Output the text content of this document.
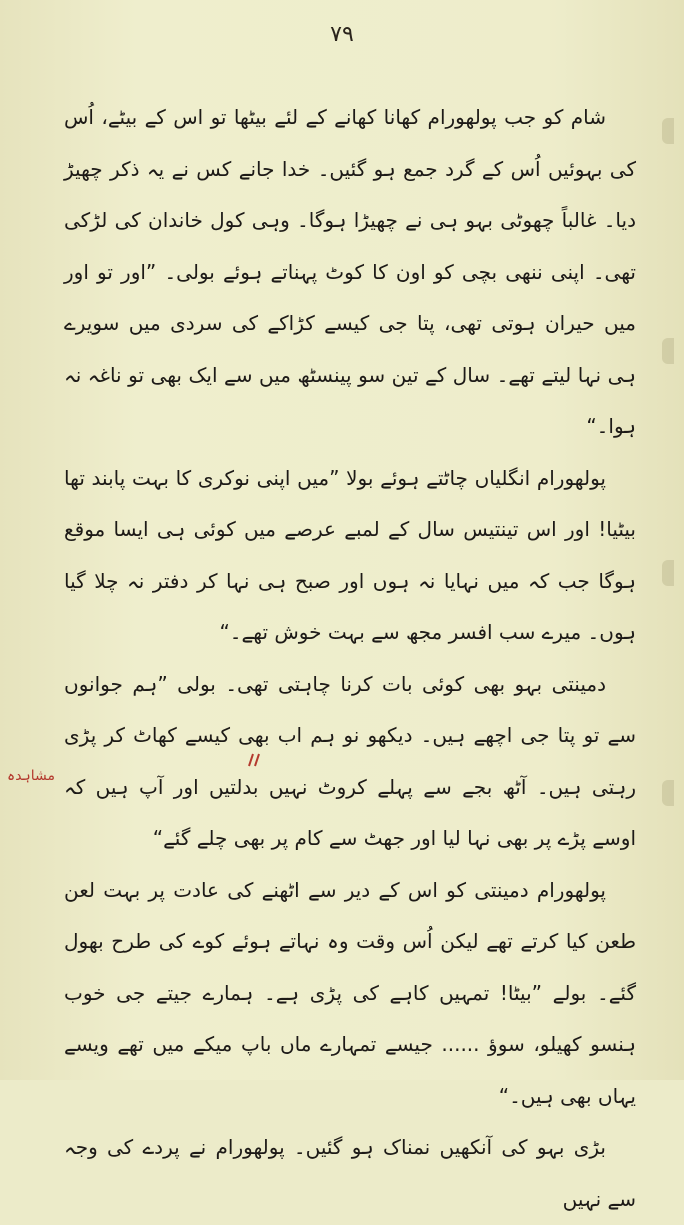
۷۹
مشاہدہ

شام کو جب پولھورام کھانا کھانے کے لئے بیٹھا تو اس کے بیٹے، اُس کی بہوئیں اُس کے گرد جمع ہو گئیں۔ خدا جانے کس نے یہ ذکر چھیڑ دیا۔ غالباً چھوٹی بہو ہی نے چھیڑا ہوگا۔ وہی کول خاندان کی لڑکی تھی۔ اپنی ننھی بچی کو اون کا کوٹ پہناتے ہوئے بولی۔ ”اور تو اور میں حیران ہوتی تھی، پتا جی کیسے کڑاکے کی سردی میں سویرے ہی نہا لیتے تھے۔ سال کے تین سو پینسٹھ میں سے ایک بھی تو ناغہ نہ ہوا۔“

پولھورام انگلیاں چاٹتے ہوئے بولا ”میں اپنی نوکری کا بہت پابند تھا بیٹیا! اور اس تینتیس سال کے لمبے عرصے میں کوئی ہی ایسا موقع ہوگا جب کہ میں نہایا نہ ہوں اور صبح ہی نہا کر دفتر نہ چلا گیا ہوں۔ میرے سب افسر مجھ سے بہت خوش تھے۔“

دمینتی بہو بھی کوئی بات کرنا چاہتی تھی۔ بولی ”ہم جوانوں سے تو پتا جی اچھے ہیں۔ دیکھو نو ہم اب بھی کیسے کھاٹ کر پڑی رہتی ہیں۔ آٹھ بجے سے پہلے کروٹ نہیں بدلتیں اور آپ ہیں کہ اوسے پڑے پر بھی نہا لیا اور جھٹ سے کام پر بھی چلے گئے“

پولھورام دمینتی کو اس کے دیر سے اٹھنے کی عادت پر بہت لعن طعن کیا کرتے تھے لیکن اُس وقت وہ نہاتے ہوئے کوے کی طرح بھول گئے۔ بولے ”بیٹا! تمہیں کاہے کی پڑی ہے۔ ہمارے جیتے جی خوب ہنسو کھیلو، سوؤ ...... جیسے تمہارے ماں باپ میکے میں تھے ویسے یہاں بھی ہیں۔“

بڑی بہو کی آنکھیں نمناک ہو گئیں۔ پولھورام نے پردے کی وجہ سے نہیں
